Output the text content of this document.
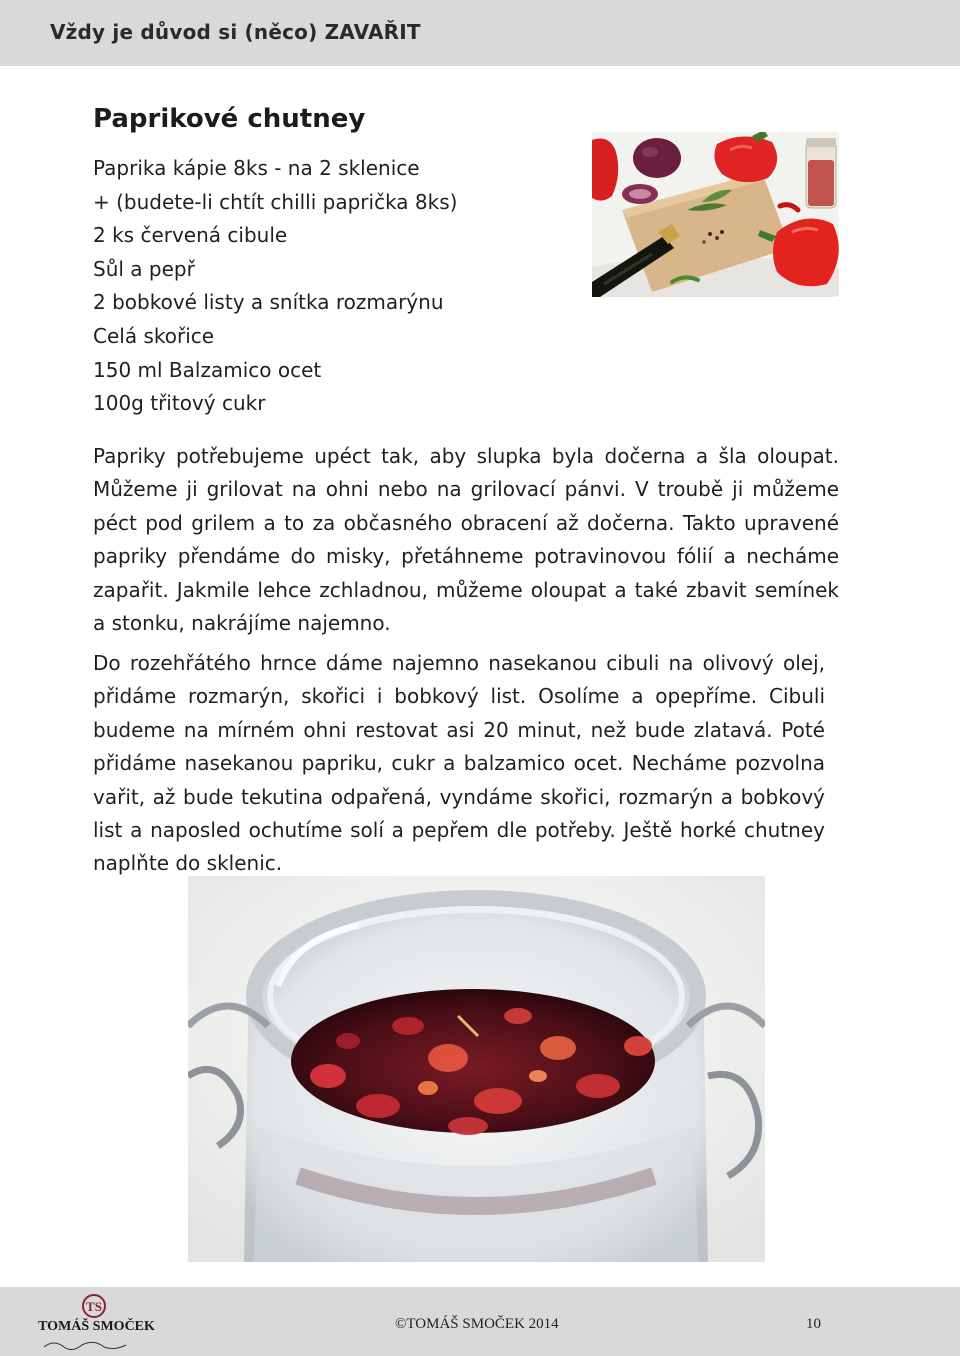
Vždy je důvod si (něco) ZAVAŘIT
Paprikové chutney
Paprika kápie 8ks - na 2 sklenice
+ (budete-li chtít chilli paprička 8ks)
2 ks červená cibule
Sůl a pepř
2 bobkové listy a snítka rozmarýnu
Celá skořice
150 ml Balzamico ocet
100g třitový cukr

Papriky potřebujeme upéct tak, aby slupka byla dočerna a šla oloupat. Můžeme ji grilovat na ohni nebo na grilovací pánvi. V troubě ji můžeme péct pod grilem a to za občasného obracení až dočerna. Takto upravené papriky přendáme do misky, přetáhneme potravinovou fólií a necháme zapařit. Jakmile lehce zchladnou, můžeme oloupat a také zbavit semínek a stonku, nakrájíme najemno.

Do rozehřátého hrnce dáme najemno nasekanou cibuli na olivový olej, přidáme rozmarýn, skořici i bobkový list. Osolíme a opepříme. Cibuli budeme na mírném ohni restovat asi 20 minut, než bude zlatavá. Poté přidáme nasekanou papriku, cukr a balzamico ocet. Necháme pozvolna vařit, až bude tekutina odpařená, vyndáme skořici, rozmarýn a bobkový list a naposled ochutíme solí a pepřem dle potřeby. Ještě horké chutney naplňte do sklenic.

TS
TOMÁŠ SMOČEK	©TOMÁŠ SMOČEK 2014	10
